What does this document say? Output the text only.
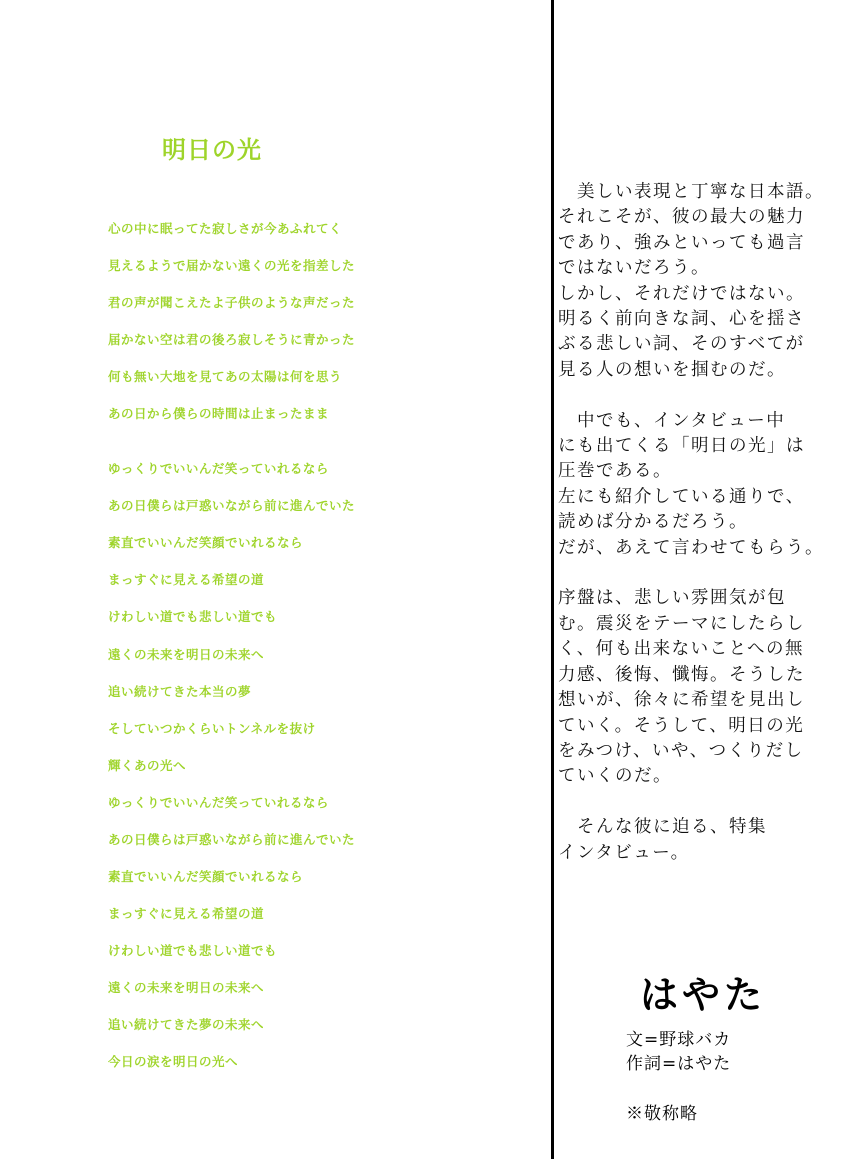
明日の光
心の中に眠ってた寂しさが今あふれてく
見えるようで届かない遠くの光を指差した
君の声が聞こえたよ子供のような声だった
届かない空は君の後ろ寂しそうに青かった
何も無い大地を見てあの太陽は何を思う
あの日から僕らの時間は止まったまま
ゆっくりでいいんだ笑っていれるなら
あの日僕らは戸惑いながら前に進んでいた
素直でいいんだ笑顔でいれるなら
まっすぐに見える希望の道
けわしい道でも悲しい道でも
遠くの未来を明日の未来へ
追い続けてきた本当の夢
そしていつかくらいトンネルを抜け
輝くあの光へ
ゆっくりでいいんだ笑っていれるなら
あの日僕らは戸惑いながら前に進んでいた
素直でいいんだ笑顔でいれるなら
まっすぐに見える希望の道
けわしい道でも悲しい道でも
遠くの未来を明日の未来へ
追い続けてきた夢の未来へ
今日の涙を明日の光へ

　美しい表現と丁寧な日本語。
それこそが、彼の最大の魅力
であり、強みといっても過言
ではないだろう。
しかし、それだけではない。
明るく前向きな詞、心を揺さ
ぶる悲しい詞、そのすべてが
見る人の想いを掴むのだ。

　中でも、インタビュー中
にも出てくる「明日の光」は
圧巻である。
左にも紹介している通りで、
読めば分かるだろう。
だが、あえて言わせてもらう。

序盤は、悲しい雰囲気が包
む。震災をテーマにしたらし
く、何も出来ないことへの無
力感、後悔、懺悔。そうした
想いが、徐々に希望を見出し
ていく。そうして、明日の光
をみつけ、いや、つくりだし
ていくのだ。

　そんな彼に迫る、特集
インタビュー。

はやた
文=野球バカ
作詞=はやた
※敬称略
